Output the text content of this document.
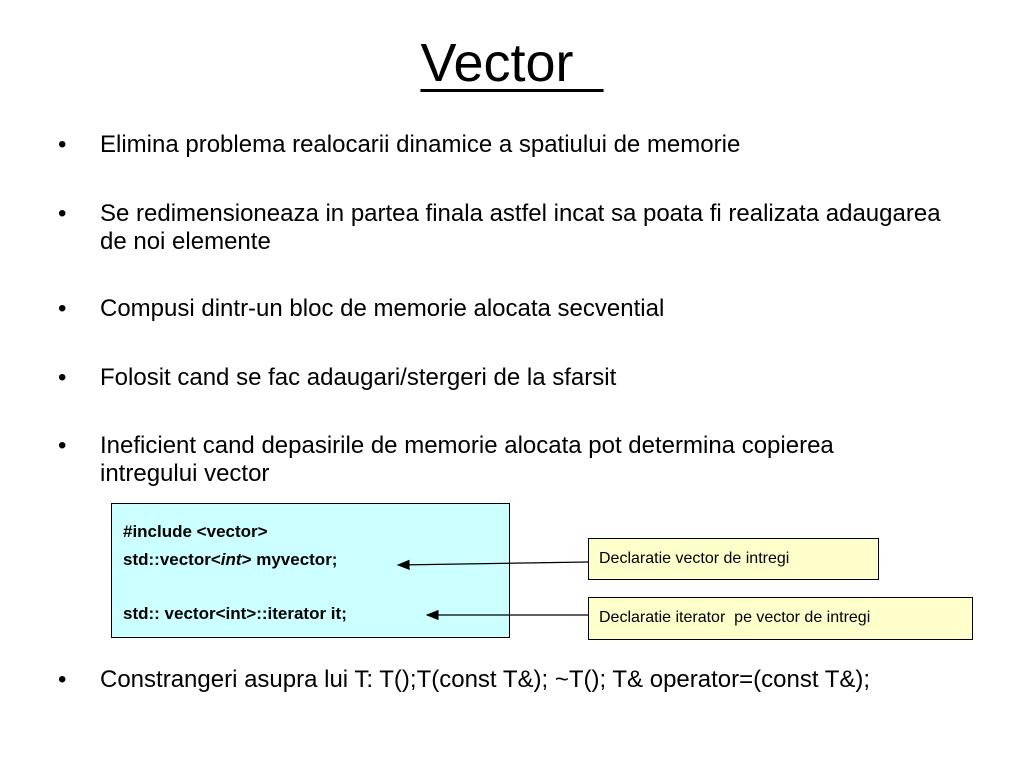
Vector
• Elimina problema realocarii dinamice a spatiului de memorie
• Se redimensioneaza in partea finala astfel incat sa poata fi realizata adaugarea de noi elemente
• Compusi dintr-un bloc de memorie alocata secvential
• Folosit cand se fac adaugari/stergeri de la sfarsit
• Ineficient cand depasirile de memorie alocata pot determina copierea intregului vector
#include <vector>
std::vector<int> myvector;
std:: vector<int>::iterator it;
Declaratie vector de intregi
Declaratie iterator  pe vector de intregi
• Constrangeri asupra lui T: T();T(const T&); ~T(); T& operator=(const T&);
